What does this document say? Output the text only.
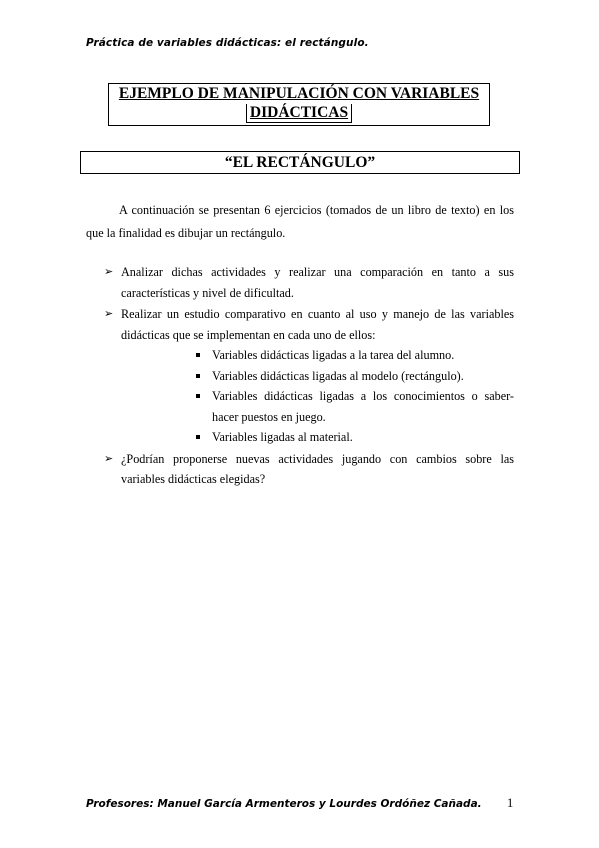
Práctica de variables didácticas: el rectángulo.
EJEMPLO DE MANIPULACIÓN CON VARIABLES
DIDÁCTICAS
“EL RECTÁNGULO”
A continuación se presentan 6 ejercicios (tomados de un libro de texto) en los que la finalidad es dibujar un rectángulo.
➢ Analizar dichas actividades y realizar una comparación en tanto a sus características y nivel de dificultad.
➢ Realizar un estudio comparativo en cuanto al uso y manejo de las variables didácticas que se implementan en cada uno de ellos:
Variables didácticas ligadas a la tarea del alumno.
Variables didácticas ligadas al modelo (rectángulo).
Variables didácticas ligadas a los conocimientos o saber-hacer puestos en juego.
Variables ligadas al material.
➢ ¿Podrían proponerse nuevas actividades jugando con cambios sobre las variables didácticas elegidas?
Profesores: Manuel García Armenteros y Lourdes Ordóñez Cañada. 1
